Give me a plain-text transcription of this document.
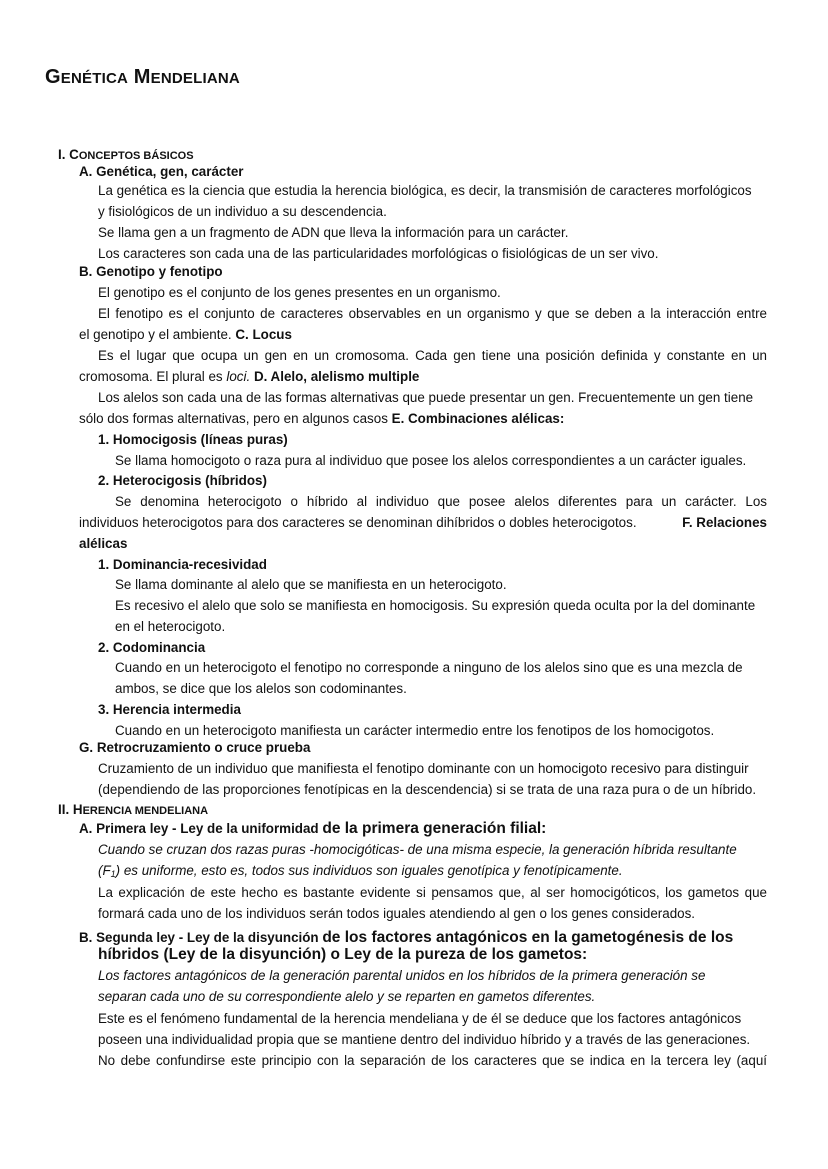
GENÉTICA MENDELIANA
I. CONCEPTOS BÁSICOS
A. Genética, gen, carácter
La genética es la ciencia que estudia la herencia biológica, es decir, la transmisión de caracteres morfológicos
y fisiológicos de un individuo a su descendencia.
Se llama gen a un fragmento de ADN que lleva la información para un carácter.
Los caracteres son cada una de las particularidades morfológicas o fisiológicas de un ser vivo.
B. Genotipo y fenotipo
El genotipo es el conjunto de los genes presentes en un organismo.
El fenotipo es el conjunto de caracteres observables en un organismo y que se deben a la interacción entre
el genotipo y el ambiente. C. Locus
Es el lugar que ocupa un gen en un cromosoma. Cada gen tiene una posición definida y constante en un
cromosoma. El plural es loci. D. Alelo, alelismo multiple
Los alelos son cada una de las formas alternativas que puede presentar un gen. Frecuentemente un gen tiene
sólo dos formas alternativas, pero en algunos casos E. Combinaciones alélicas:
1. Homocigosis (líneas puras)
Se llama homocigoto o raza pura al individuo que posee los alelos correspondientes a un carácter iguales.
2. Heterocigosis (híbridos)
Se denomina heterocigoto o híbrido al individuo que posee alelos diferentes para un carácter. Los
individuos heterocigotos para dos caracteres se denominan dihíbridos o dobles heterocigotos.	F. Relaciones
alélicas
1. Dominancia-recesividad
Se llama dominante al alelo que se manifiesta en un heterocigoto.
Es recesivo el alelo que solo se manifiesta en homocigosis. Su expresión queda oculta por la del dominante
en el heterocigoto.
2. Codominancia
Cuando en un heterocigoto el fenotipo no corresponde a ninguno de los alelos sino que es una mezcla de
ambos, se dice que los alelos son codominantes.
3. Herencia intermedia
Cuando en un heterocigoto manifiesta un carácter intermedio entre los fenotipos de los homocigotos.
G. Retrocruzamiento o cruce prueba
Cruzamiento de un individuo que manifiesta el fenotipo dominante con un homocigoto recesivo para distinguir
(dependiendo de las proporciones fenotípicas en la descendencia) si se trata de una raza pura o de un híbrido.
II. HERENCIA MENDELIANA
A. Primera ley - Ley de la uniformidad de la primera generación filial:
Cuando se cruzan dos razas puras -homocigóticas- de una misma especie, la generación híbrida resultante
$(F_1)$ es uniforme, esto es, todos sus individuos son iguales genotípica y fenotípicamente.
La explicación de este hecho es bastante evidente si pensamos que, al ser homocigóticos, los gametos que
formará cada uno de los individuos serán todos iguales atendiendo al gen o los genes considerados.
B. Segunda ley - Ley de la disyunción de los factores antagónicos en la gametogénesis de los
híbridos (Ley de la disyunción) o Ley de la pureza de los gametos:
Los factores antagónicos de la generación parental unidos en los híbridos de la primera generación se
separan cada uno de su correspondiente alelo y se reparten en gametos diferentes.
Este es el fenómeno fundamental de la herencia mendeliana y de él se deduce que los factores antagónicos
poseen una individualidad propia que se mantiene dentro del individuo híbrido y a través de las generaciones.
No debe confundirse este principio con la separación de los caracteres que se indica en la tercera ley (aquí
